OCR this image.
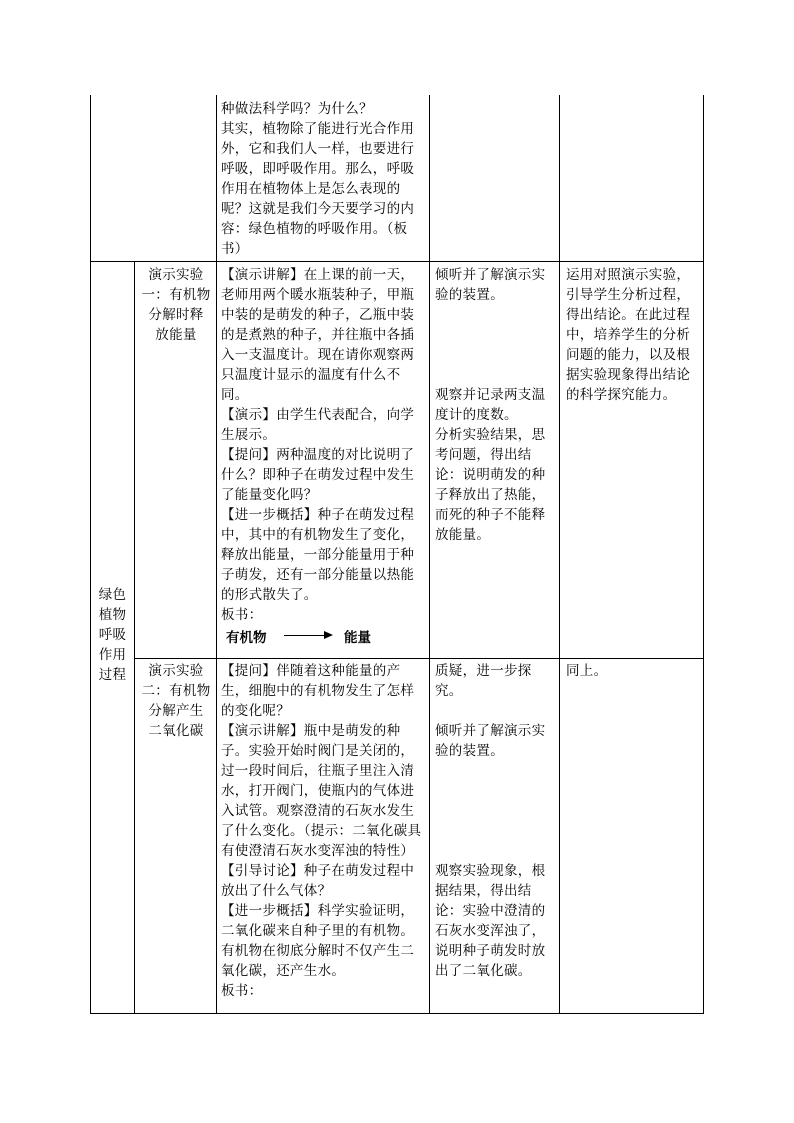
种做法科学吗？为什么？
其实，植物除了能进行光合作用外，它和我们人一样，也要进行呼吸，即呼吸作用。那么，呼吸作用在植物体上是怎么表现的呢？这就是我们今天要学习的内容：绿色植物的呼吸作用。（板书）
绿色
植物
呼吸
作用
过程
演示实验
一：有机物
分解时释
放能量
【演示讲解】在上课的前一天，老师用两个暖水瓶装种子，甲瓶中装的是萌发的种子，乙瓶中装的是煮熟的种子，并往瓶中各插入一支温度计。现在请你观察两只温度计显示的温度有什么不同。
【演示】由学生代表配合，向学生展示。
【提问】两种温度的对比说明了什么？即种子在萌发过程中发生了能量变化吗？
【进一步概括】种子在萌发过程中，其中的有机物发生了变化，释放出能量，一部分能量用于种子萌发，还有一部分能量以热能的形式散失了。
板书：
有机物	能量
倾听并了解演示实验的装置。

观察并记录两支温度计的度数。
分析实验结果，思考问题，得出结论：说明萌发的种子释放出了热能，而死的种子不能释放能量。
运用对照演示实验，引导学生分析过程，得出结论。在此过程中，培养学生的分析问题的能力，以及根据实验现象得出结论的科学探究能力。
演示实验
二：有机物
分解产生
二氧化碳
【提问】伴随着这种能量的产生，细胞中的有机物发生了怎样的变化呢？
【演示讲解】瓶中是萌发的种子。实验开始时阀门是关闭的，过一段时间后，往瓶子里注入清水，打开阀门，使瓶内的气体进入试管。观察澄清的石灰水发生了什么变化。（提示：二氧化碳具有使澄清石灰水变浑浊的特性）
【引导讨论】种子在萌发过程中放出了什么气体？
【进一步概括】科学实验证明，二氧化碳来自种子里的有机物。有机物在彻底分解时不仅产生二氧化碳，还产生水。
板书：
质疑，进一步探究。

倾听并了解演示实验的装置。

观察实验现象，根据结果，得出结论：实验中澄清的石灰水变浑浊了，说明种子萌发时放出了二氧化碳。
同上。
